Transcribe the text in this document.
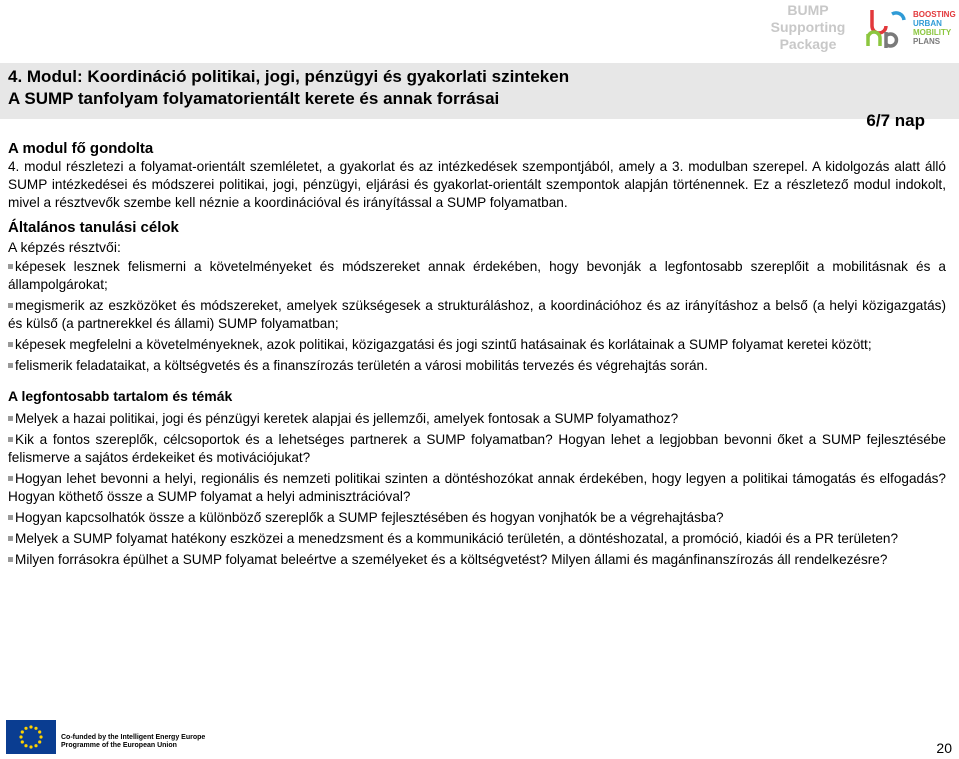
BUMP
Supporting
Package
BOOSTING
URBAN
MOBILITY
PLANS
4. Modul: Koordináció politikai, jogi, pénzügyi és gyakorlati szinteken
A SUMP tanfolyam folyamatorientált kerete és annak forrásai
6/7 nap

A modul fő gondolta

4. modul részletezi a folyamat-orientált szemléletet, a gyakorlat és az intézkedések szempontjából, amely a 3. modulban szerepel. A kidolgozás alatt álló SUMP intézkedései és módszerei politikai, jogi, pénzügyi, eljárási és gyakorlat-orientált szempontok alapján történennek. Ez a részletező modul indokolt, mivel a résztvevők szembe kell néznie a koordinációval és irányítással a SUMP folyamatban.

Általános tanulási célok

A képzés résztvői:

képesek lesznek felismerni a követelményeket és módszereket annak érdekében, hogy bevonják a legfontosabb szereplőit a mobilitásnak és a állampolgárokat;
megismerik az eszközöket és módszereket, amelyek szükségesek a strukturáláshoz, a koordinációhoz és az irányításhoz a belső (a helyi közigazgatás) és külső (a partnerekkel és állami) SUMP folyamatban;
képesek megfelelni a követelményeknek, azok politikai, közigazgatási és jogi szintű hatásainak és korlátainak a SUMP folyamat keretei között;
felismerik feladataikat, a költségvetés és a finanszírozás területén a városi mobilitás tervezés és végrehajtás során.

A legfontosabb tartalom és témák

Melyek a hazai politikai, jogi és pénzügyi keretek alapjai és jellemzői, amelyek fontosak a SUMP folyamathoz?
Kik a fontos szereplők, célcsoportok és a lehetséges partnerek a SUMP folyamatban? Hogyan lehet a legjobban bevonni őket a SUMP fejlesztésébe felismerve a sajátos érdekeiket és motivációjukat?
Hogyan lehet bevonni a helyi, regionális és nemzeti politikai szinten a döntéshozókat annak érdekében, hogy legyen a politikai támogatás és elfogadás? Hogyan köthető össze a SUMP folyamat a helyi adminisztrációval?
Hogyan kapcsolhatók össze a különböző szereplők a SUMP fejlesztésében és hogyan vonjhatók be a végrehajtásba?
Melyek a SUMP folyamat hatékony eszközei a menedzsment és a kommunikáció területén, a döntéshozatal, a promóció, kiadói és a PR területen?
Milyen forrásokra épülhet a SUMP folyamat beleértve a személyeket és a költségvetést? Milyen állami és magánfinanszírozás áll rendelkezésre?
Co-funded by the Intelligent Energy Europe
Programme of the European Union	20
